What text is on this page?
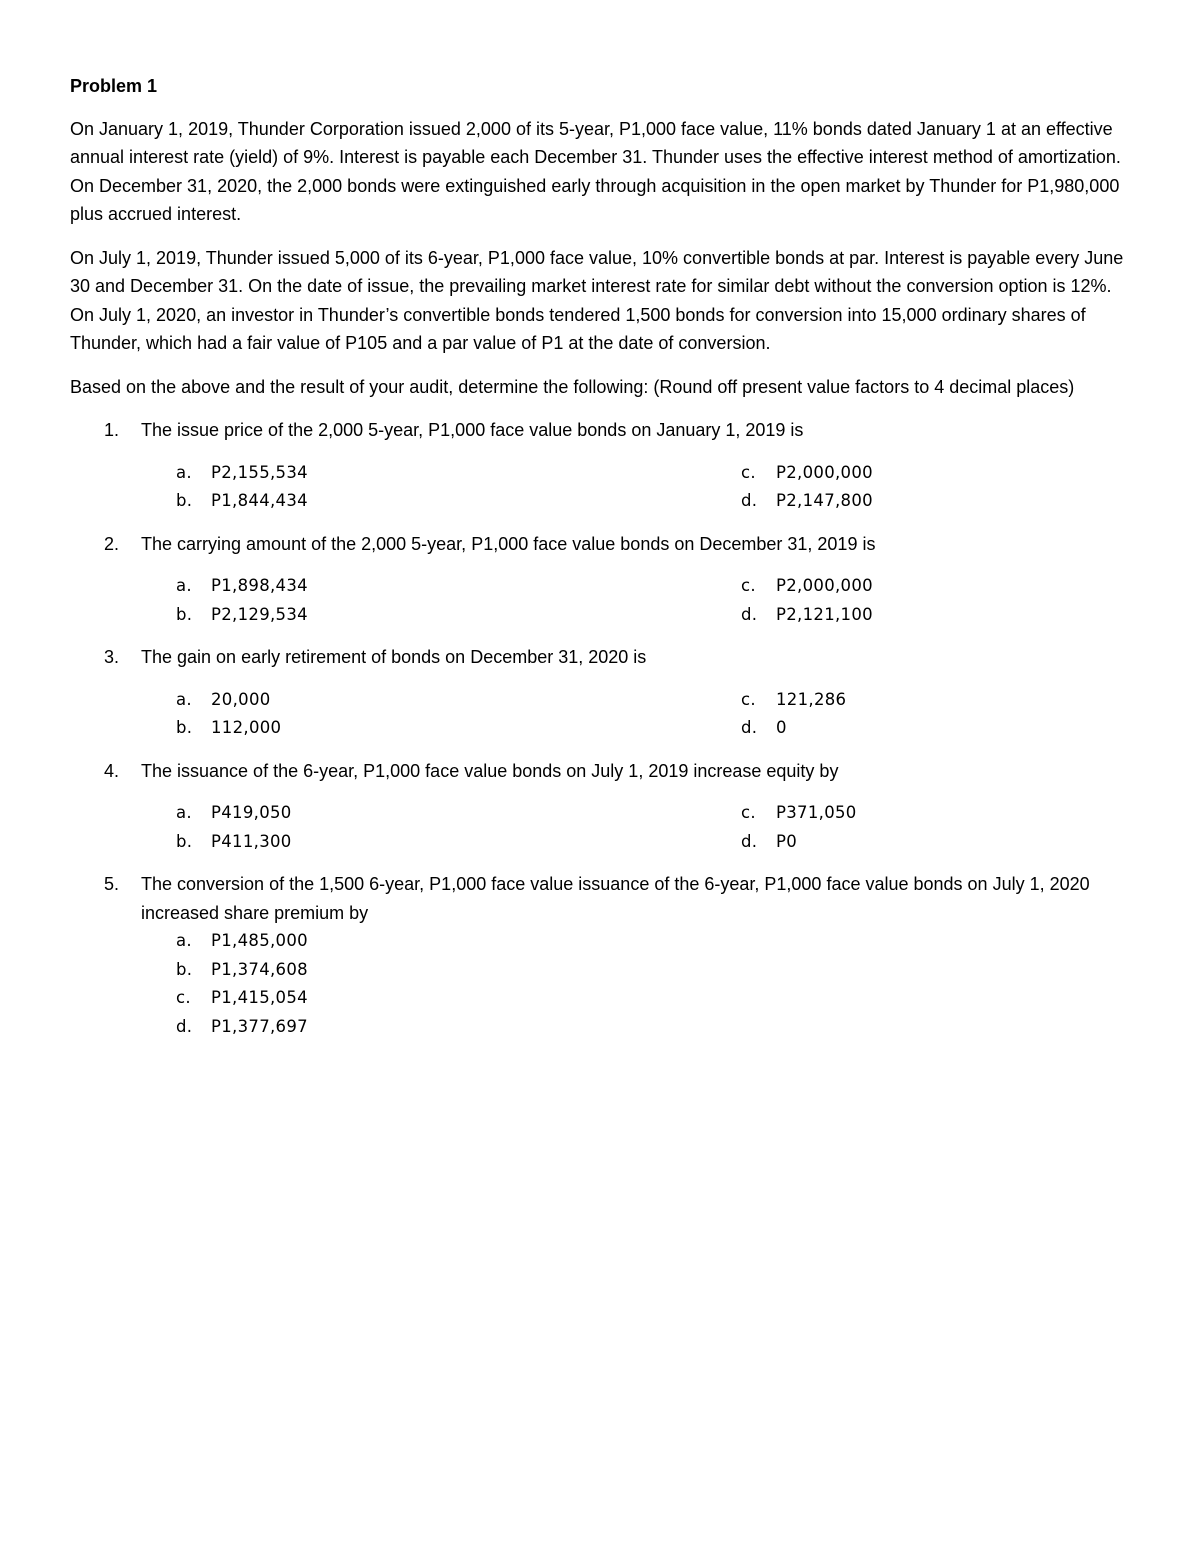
Problem 1

On January 1, 2019, Thunder Corporation issued 2,000 of its 5-year, P1,000 face value, 11% bonds dated January 1 at an effective annual interest rate (yield) of 9%. Interest is payable each December 31. Thunder uses the effective interest method of amortization. On December 31, 2020, the 2,000 bonds were extinguished early through acquisition in the open market by Thunder for P1,980,000 plus accrued interest.

On July 1, 2019, Thunder issued 5,000 of its 6-year, P1,000 face value, 10% convertible bonds at par. Interest is payable every June 30 and December 31. On the date of issue, the prevailing market interest rate for similar debt without the conversion option is 12%. On July 1, 2020, an investor in Thunder’s convertible bonds tendered 1,500 bonds for conversion into 15,000 ordinary shares of Thunder, which had a fair value of P105 and a par value of P1 at the date of conversion.

Based on the above and the result of your audit, determine the following: (Round off present value factors to 4 decimal places)

1. The issue price of the 2,000 5-year, P1,000 face value bonds on January 1, 2019 is
a. P2,155,534	c. P2,000,000
b. P1,844,434	d. P2,147,800
2. The carrying amount of the 2,000 5-year, P1,000 face value bonds on December 31, 2019 is
a. P1,898,434	c. P2,000,000
b. P2,129,534	d. P2,121,100
3. The gain on early retirement of bonds on December 31, 2020 is
a. 20,000	c. 121,286
b. 112,000	d. 0
4. The issuance of the 6-year, P1,000 face value bonds on July 1, 2019 increase equity by
a. P419,050	c. P371,050
b. P411,300	d. P0
5. The conversion of the 1,500 6-year, P1,000 face value issuance of the 6-year, P1,000 face value bonds on July 1, 2020 increased share premium by
a. P1,485,000
b. P1,374,608
c. P1,415,054
d. P1,377,697
